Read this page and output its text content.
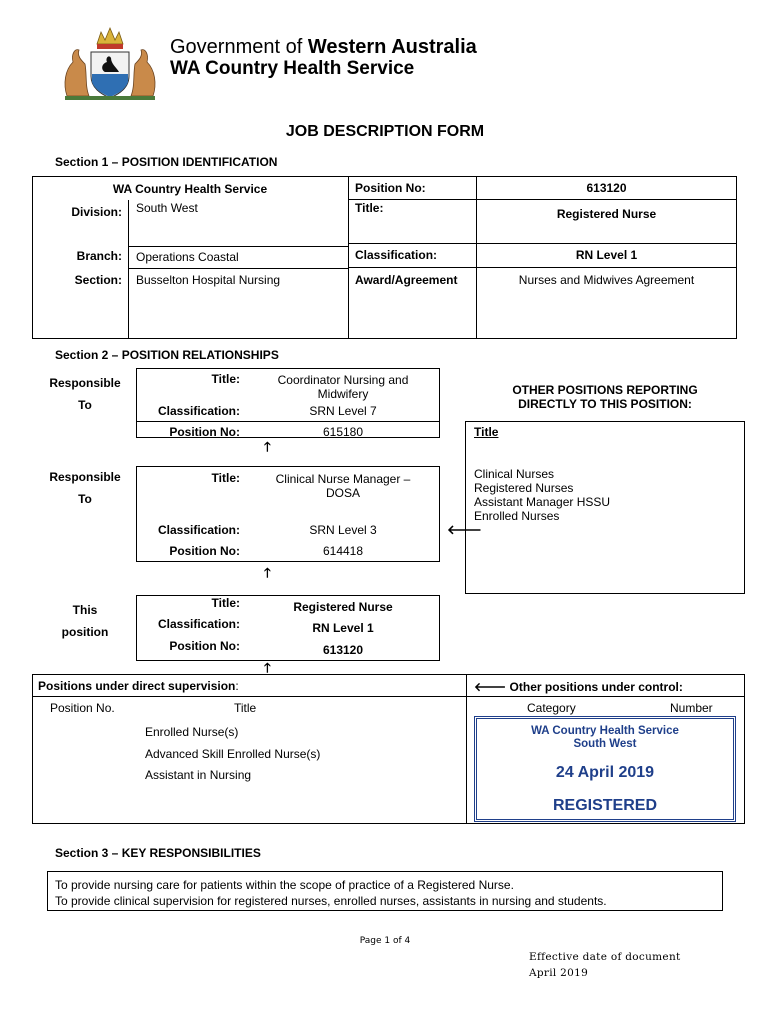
Government of Western Australia
WA Country Health Service
JOB DESCRIPTION FORM
Section 1 – POSITION IDENTIFICATION
WA Country Health Service
Division: South West
Branch: Operations Coastal
Section: Busselton Hospital Nursing
Position No:	613120
Title:	Registered Nurse
Classification:	RN Level 1
Award/Agreement	Nurses and Midwives Agreement
Section 2 – POSITION RELATIONSHIPS
Responsible
To
Title:	Coordinator Nursing and
Midwifery
Classification:	SRN Level 7
Position No:	615180
🡑
Responsible
To
Title:	Clinical Nurse Manager –
DOSA
Classification:	SRN Level 3
Position No:	614418
🡐
🡑
This
position
Title:	Registered Nurse
Classification:	RN Level 1
Position No:	613120
🡑
OTHER POSITIONS REPORTING
DIRECTLY TO THIS POSITION:
Title
Clinical Nurses
Registered Nurses
Assistant Manager HSSU
Enrolled Nurses
Positions under direct supervision:	🡐 Other positions under control:
Position No.	Title
Enrolled Nurse(s)
Advanced Skill Enrolled Nurse(s)
Assistant in Nursing
Category	Number
WA Country Health Service
South West
24 April 2019
REGISTERED
Section 3 – KEY RESPONSIBILITIES
To provide nursing care for patients within the scope of practice of a Registered Nurse.
To provide clinical supervision for registered nurses, enrolled nurses, assistants in nursing and students.
Page 1 of 4
Effective date of document
April 2019
